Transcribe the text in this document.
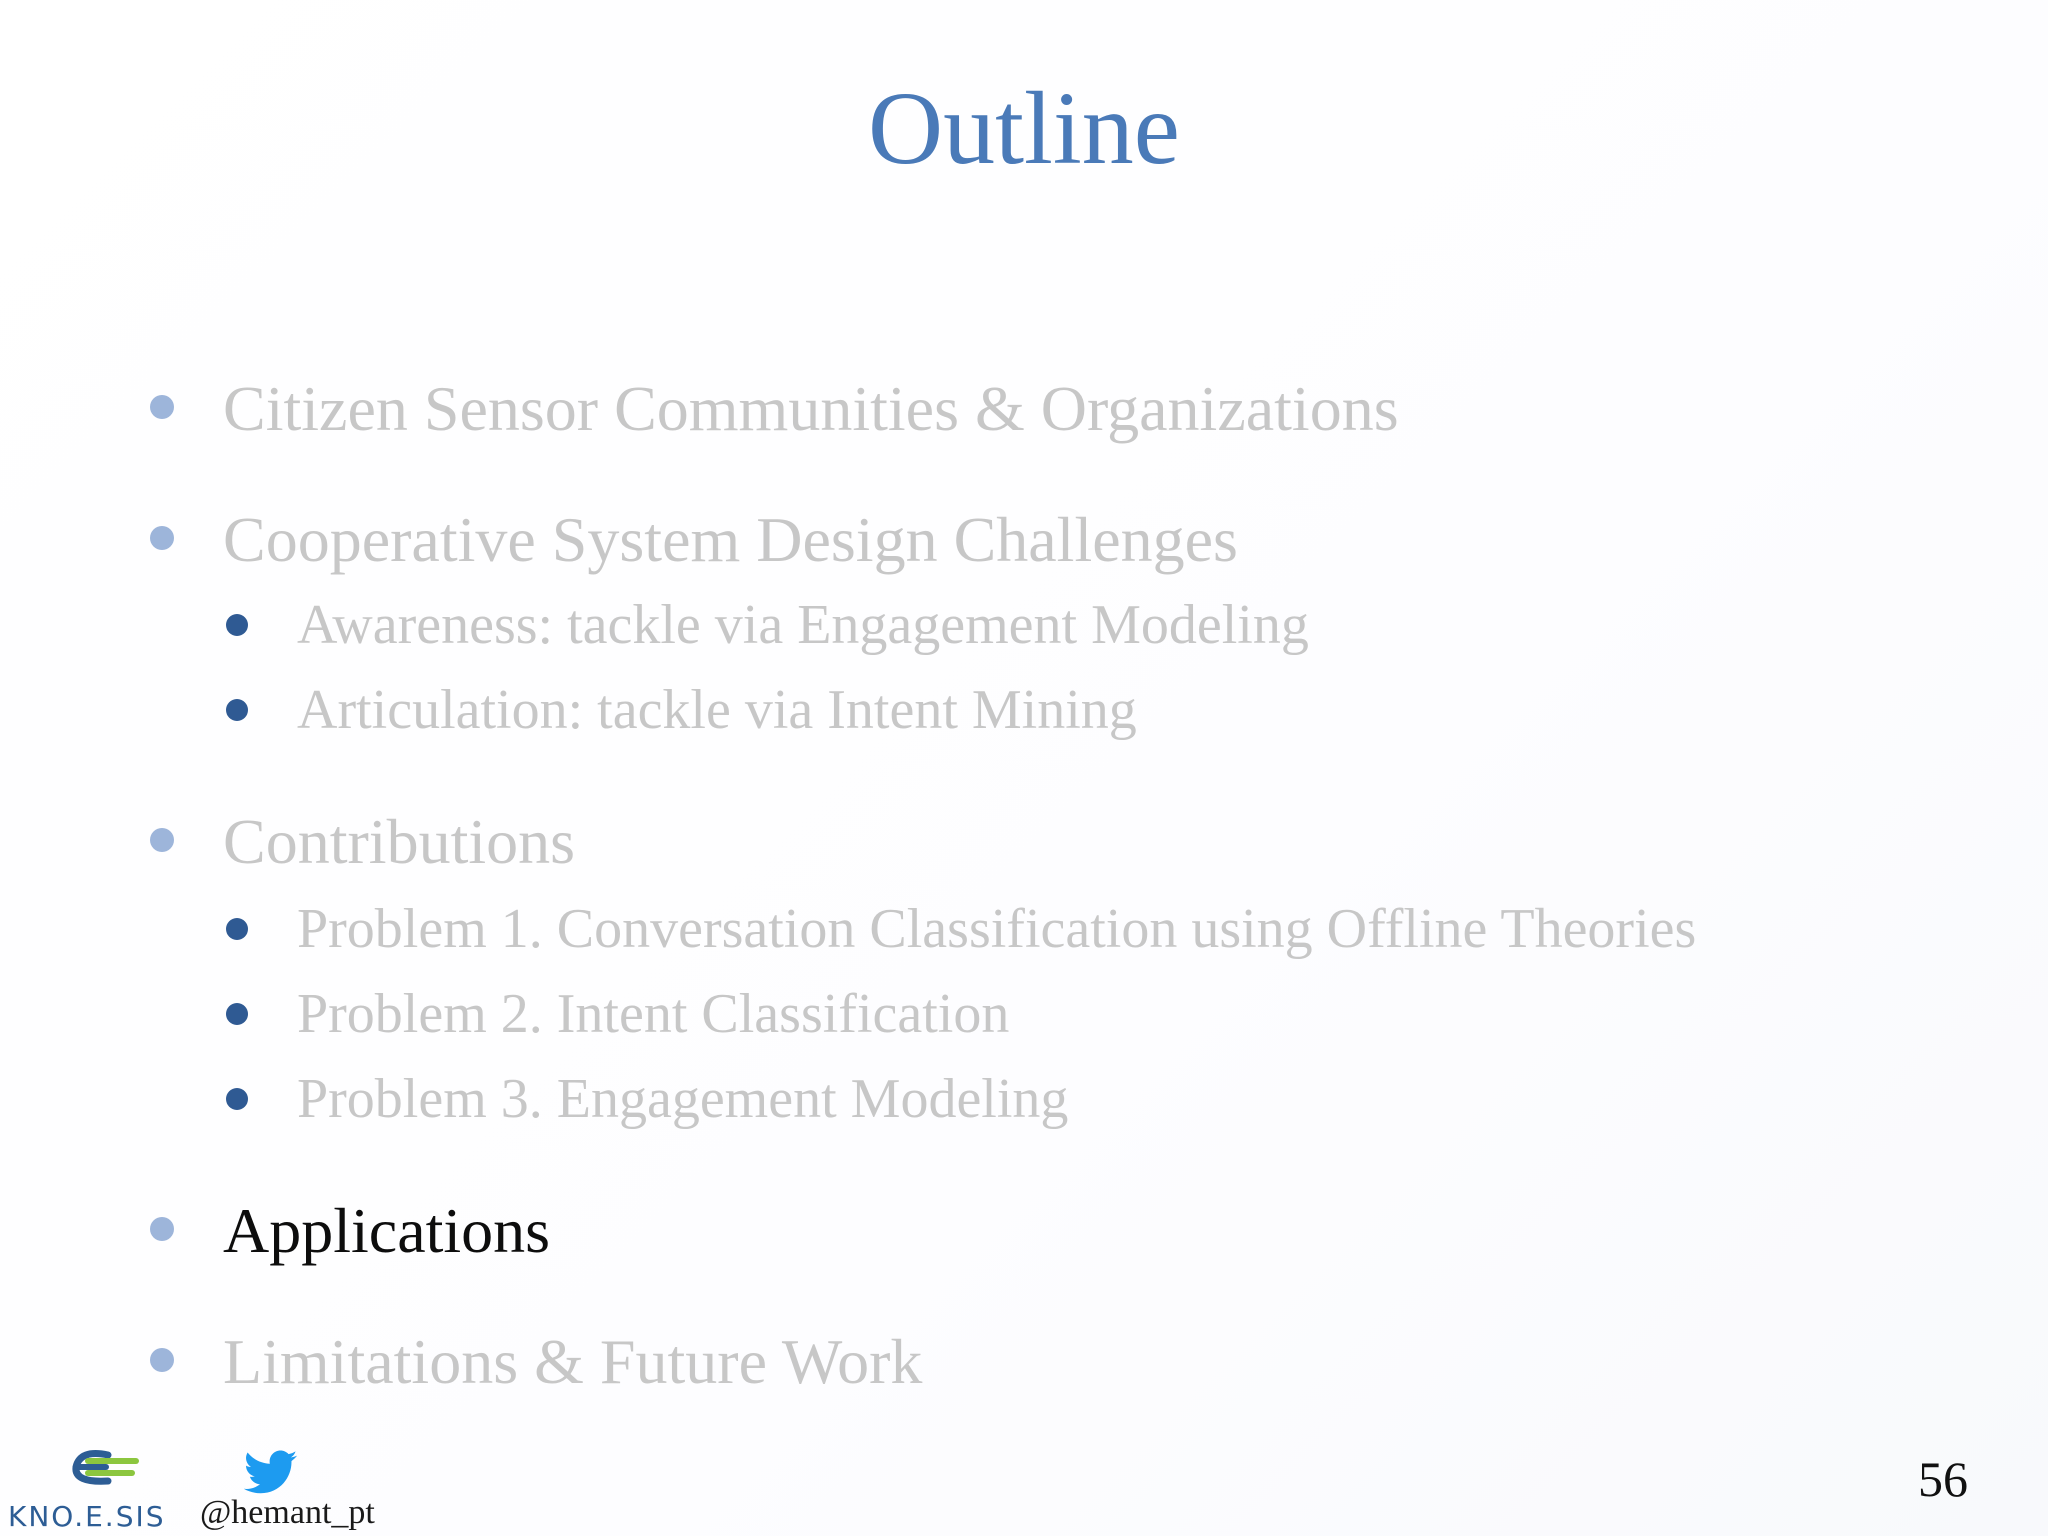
Outline
Citizen Sensor Communities & Organizations
Cooperative System Design Challenges
Awareness: tackle via Engagement Modeling
Articulation: tackle via Intent Mining
Contributions
Problem 1. Conversation Classification using Offline Theories
Problem 2. Intent Classification
Problem 3. Engagement Modeling
Applications
Limitations & Future Work
KNO.E.SIS @hemant_pt
56
